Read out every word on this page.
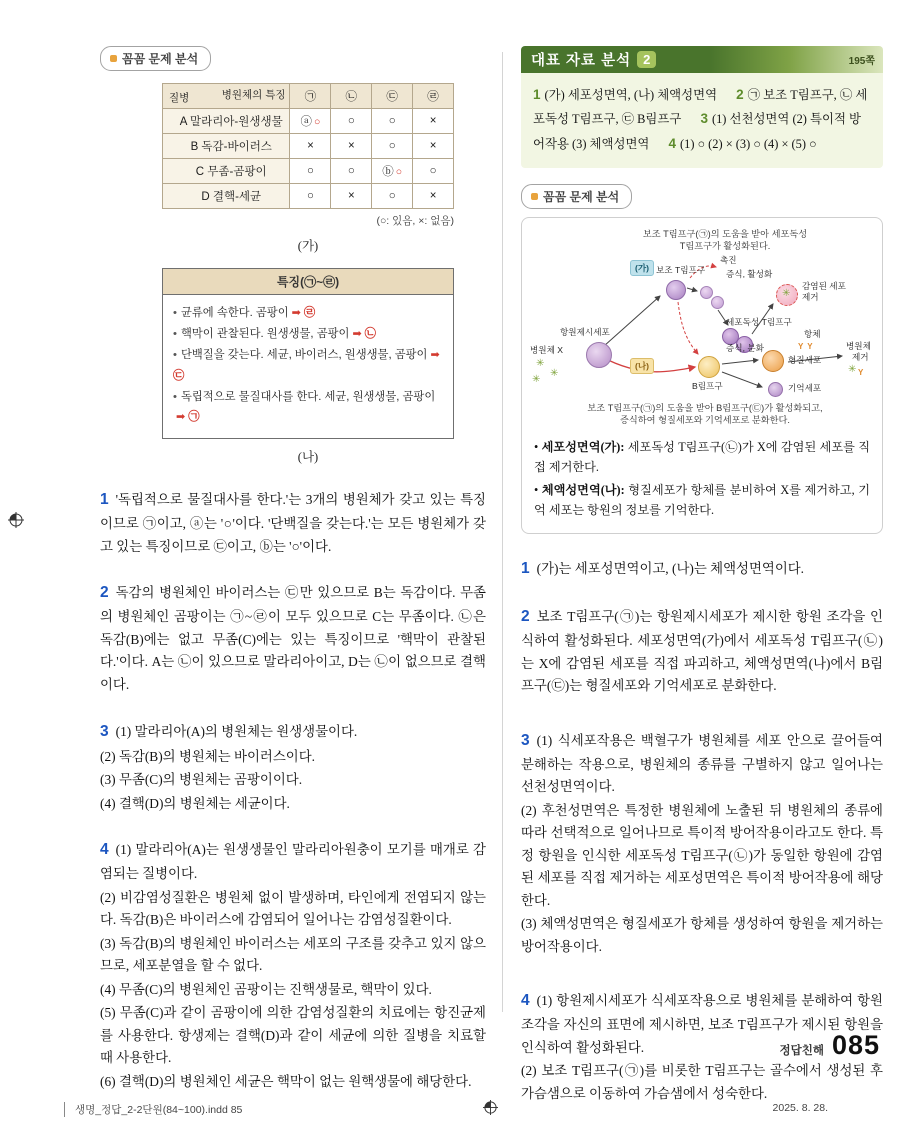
꼼꼼 문제 분석
병원체의 특징
질병	㉠	㉡	㉢	㉣
A 말라리아-원생생물	ⓐ ○	○	○	×
B 독감-바이러스	×	×	○	×
C 무좀-곰팡이	○	○	ⓑ ○	○
D 결핵-세균	○	×	○	×
(○: 있음, ×: 없음)
(가)
특징(㉠~㉣)
• 균류에 속한다. 곰팡이 ➡ ㉣
• 핵막이 관찰된다. 원생생물, 곰팡이 ➡ ㉡
• 단백질을 갖는다. 세균, 바이러스, 원생생물, 곰팡이 ➡㉢
• 독립적으로 물질대사를 한다. 세균, 원생생물, 곰팡이➡ ㉠
(나)
1 '독립적으로 물질대사를 한다.'는 3개의 병원체가 갖고 있는 특징이므로 ㉠이고, ⓐ는 '○'이다. '단백질을 갖는다.'는 모든 병원체가 갖고 있는 특징이므로 ㉢이고, ⓑ는 '○'이다.
2 독감의 병원체인 바이러스는 ㉢만 있으므로 B는 독감이다. 무좀의 병원체인 곰팡이는 ㉠~㉣이 모두 있으므로 C는 무좀이다. ㉡은 독감(B)에는 없고 무좀(C)에는 있는 특징이므로 '핵막이 관찰된다.'이다. A는 ㉡이 있으므로 말라리아이고, D는 ㉡이 없으므로 결핵이다.
3 (1) 말라리아(A)의 병원체는 원생생물이다.
(2) 독감(B)의 병원체는 바이러스이다.
(3) 무좀(C)의 병원체는 곰팡이이다.
(4) 결핵(D)의 병원체는 세균이다.
4 (1) 말라리아(A)는 원생생물인 말라리아원충이 모기를 매개로 감염되는 질병이다.
(2) 비감염성질환은 병원체 없이 발생하며, 타인에게 전염되지 않는다. 독감(B)은 바이러스에 감염되어 일어나는 감염성질환이다.
(3) 독감(B)의 병원체인 바이러스는 세포의 구조를 갖추고 있지 않으므로, 세포분열을 할 수 없다.
(4) 무좀(C)의 병원체인 곰팡이는 진핵생물로, 핵막이 있다.
(5) 무좀(C)과 같이 곰팡이에 의한 감염성질환의 치료에는 항진균제를 사용한다. 항생제는 결핵(D)과 같이 세균에 의한 질병을 치료할 때 사용한다.
(6) 결핵(D)의 병원체인 세균은 핵막이 없는 원핵생물에 해당한다.
대표 자료 분석 2	195쪽
1 (가) 세포성면역, (나) 체액성면역 2 ㉠ 보조 T림프구, ㉡ 세포독성 T림프구, ㉢ B림프구 3 (1) 선천성면역 (2) 특이적 방어작용 (3) 체액성면역 4 (1) ○ (2) × (3) ○ (4) × (5) ○
꼼꼼 문제 분석
보조 T림프구(㉠)의 도움을 받아 세포독성
T림프구가 활성화된다.
(가) 보조 T림프구
촉진
증식, 활성화
세포독성 T림프구
✳
감염된 세포
제거
항원제시세포
병원체 X
✳
✳
✳
(나)
B림프구
증식, 분화
형질세포
기억세포
항체
Y Y	병원체
제거
✳ Y
보조 T림프구(㉠)의 도움을 받아 B림프구(㉢)가 활성화되고,
증식하여 형질세포와 기억세포로 분화한다.
• 세포성면역(가): 세포독성 T림프구(㉡)가 X에 감염된 세포를 직접 제거한다.
• 체액성면역(나): 형질세포가 항체를 분비하여 X를 제거하고, 기억 세포는 항원의 정보를 기억한다.
1 (가)는 세포성면역이고, (나)는 체액성면역이다.
2 보조 T림프구(㉠)는 항원제시세포가 제시한 항원 조각을 인식하여 활성화된다. 세포성면역(가)에서 세포독성 T림프구(㉡)는 X에 감염된 세포를 직접 파괴하고, 체액성면역(나)에서 B림프구(㉢)는 형질세포와 기억세포로 분화한다.
3 (1) 식세포작용은 백혈구가 병원체를 세포 안으로 끌어들여 분해하는 작용으로, 병원체의 종류를 구별하지 않고 일어나는 선천성면역이다.
(2) 후천성면역은 특정한 병원체에 노출된 뒤 병원체의 종류에 따라 선택적으로 일어나므로 특이적 방어작용이라고도 한다. 특정 항원을 인식한 세포독성 T림프구(㉡)가 동일한 항원에 감염된 세포를 직접 제거하는 세포성면역은 특이적 방어작용에 해당한다.
(3) 체액성면역은 형질세포가 항체를 생성하여 항원을 제거하는 방어작용이다.
4 (1) 항원제시세포가 식세포작용으로 병원체를 분해하여 항원 조각을 자신의 표면에 제시하면, 보조 T림프구가 제시된 항원을 인식하여 활성화된다.
(2) 보조 T림프구(㉠)를 비롯한 T림프구는 골수에서 생성된 후 가슴샘으로 이동하여 가슴샘에서 성숙한다.
정답친해 085
생명_정답_2-2단원(84~100).indd 85	2025. 8. 28.
